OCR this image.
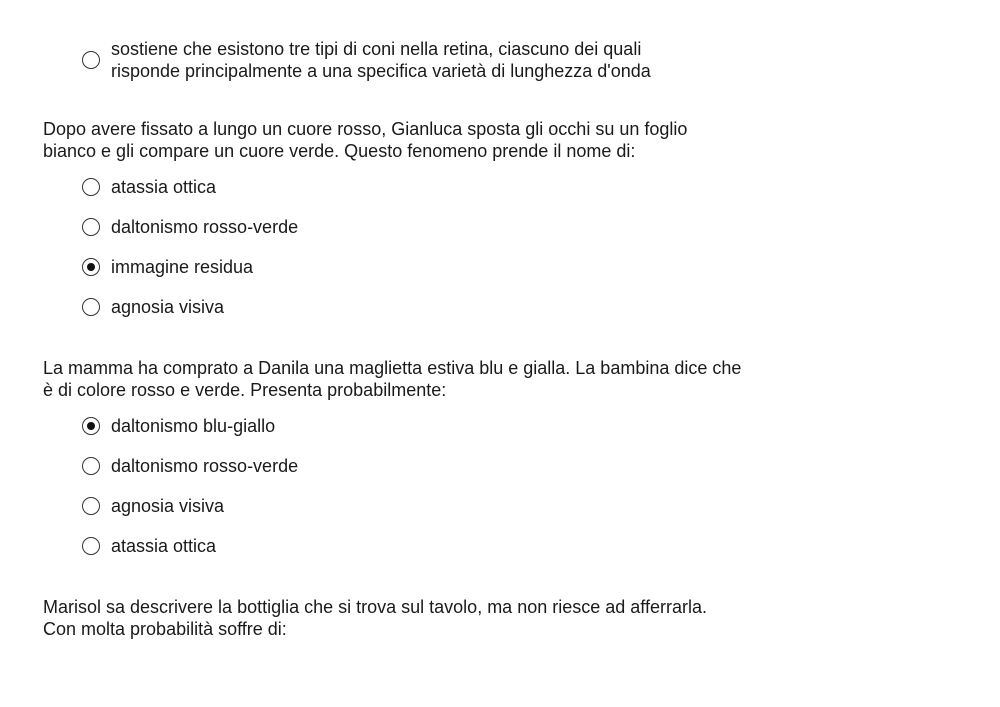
sostiene che esistono tre tipi di coni nella retina, ciascuno dei quali risponde principalmente a una specifica varietà di lunghezza d'onda
Dopo avere fissato a lungo un cuore rosso, Gianluca sposta gli occhi su un foglio bianco e gli compare un cuore verde. Questo fenomeno prende il nome di:
atassia ottica
daltonismo rosso-verde
immagine residua
agnosia visiva
La mamma ha comprato a Danila una maglietta estiva blu e gialla. La bambina dice che è di colore rosso e verde. Presenta probabilmente:
daltonismo blu-giallo
daltonismo rosso-verde
agnosia visiva
atassia ottica
Marisol sa descrivere la bottiglia che si trova sul tavolo, ma non riesce ad afferrarla. Con molta probabilità soffre di:
